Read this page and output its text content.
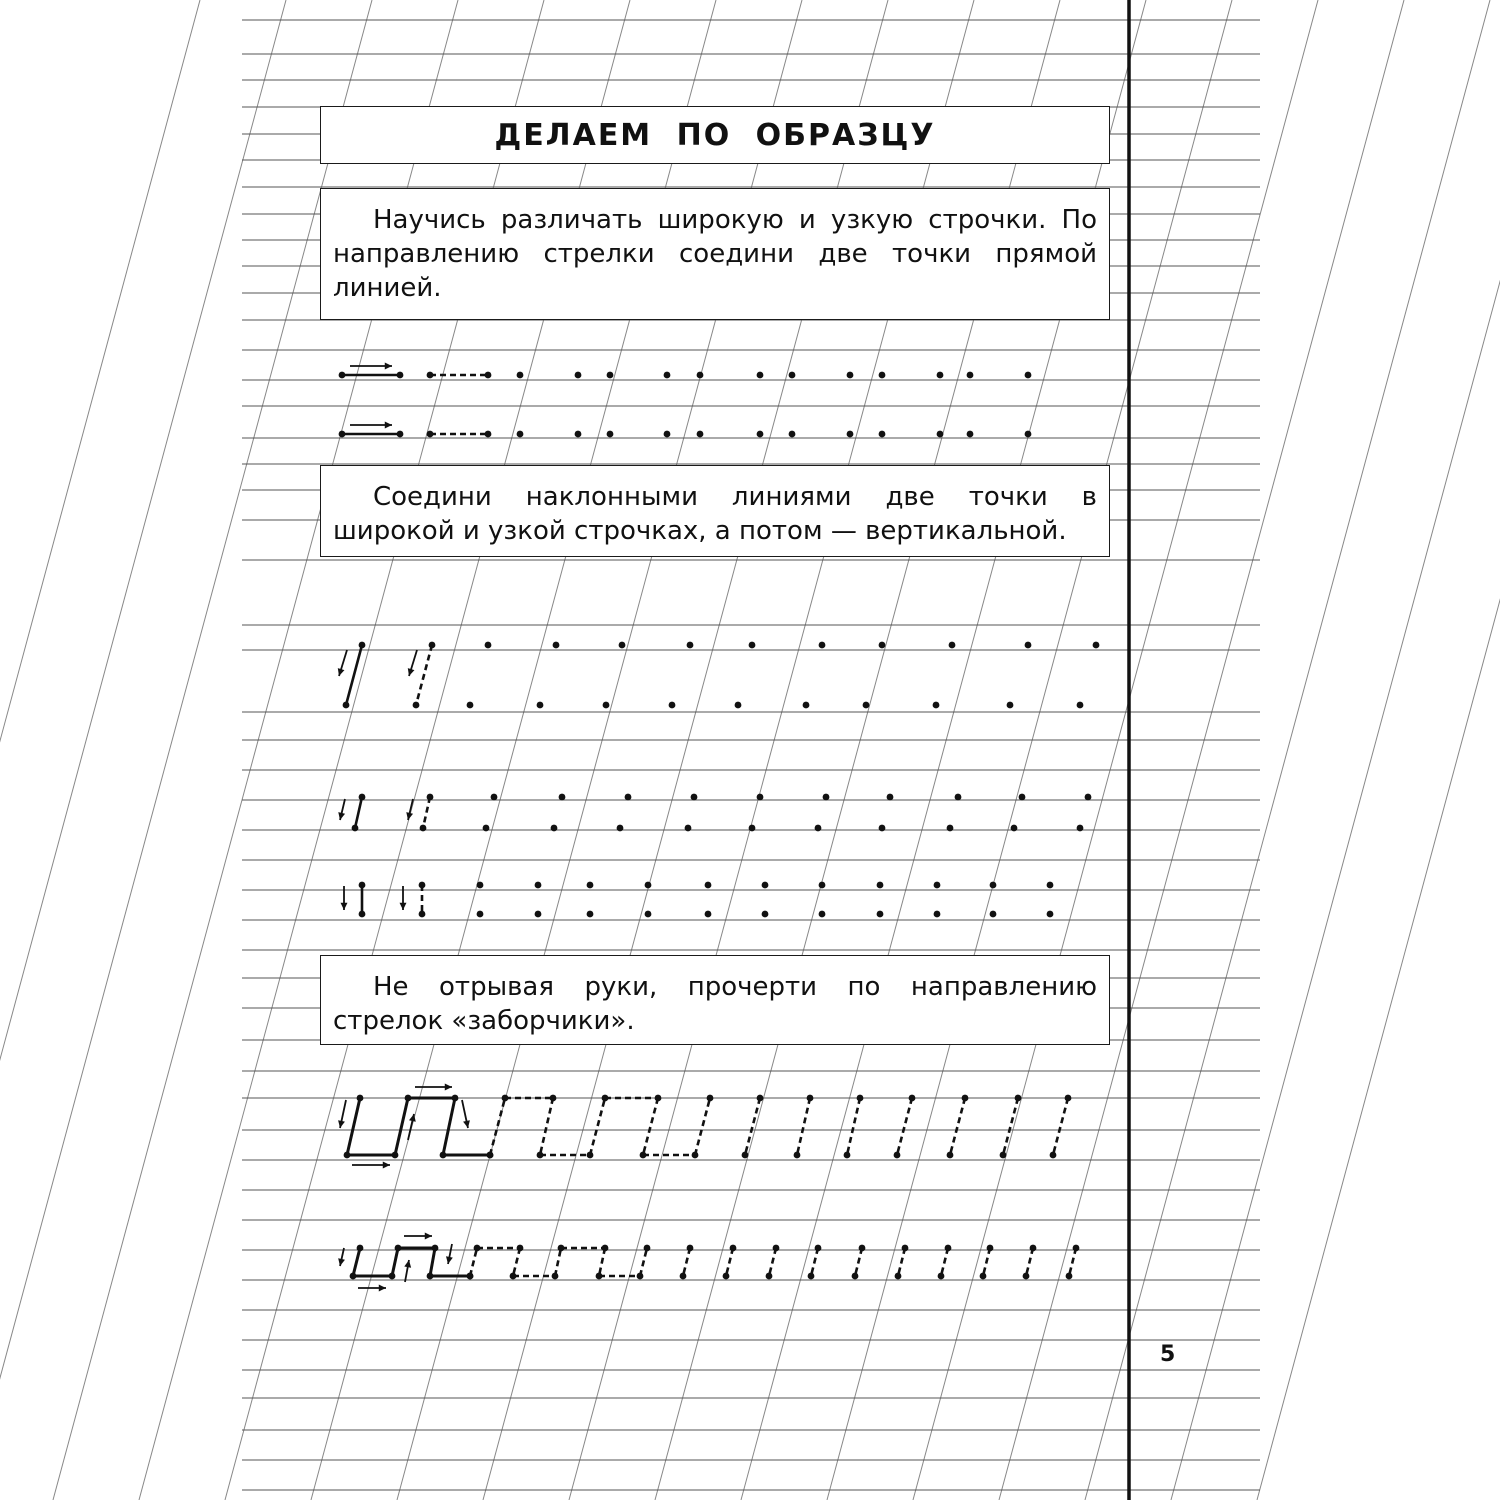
ДЕЛАЕМ ПО ОБРАЗЦУ

Научись различать широкую и узкую строчки. По направлению стрелки соедини две точки прямой линией.

Соедини наклонными линиями две точки в широкой и узкой строчках, а потом — вертикальной.

Не отрывая руки, прочерти по направлению стрелок «заборчики».

5
